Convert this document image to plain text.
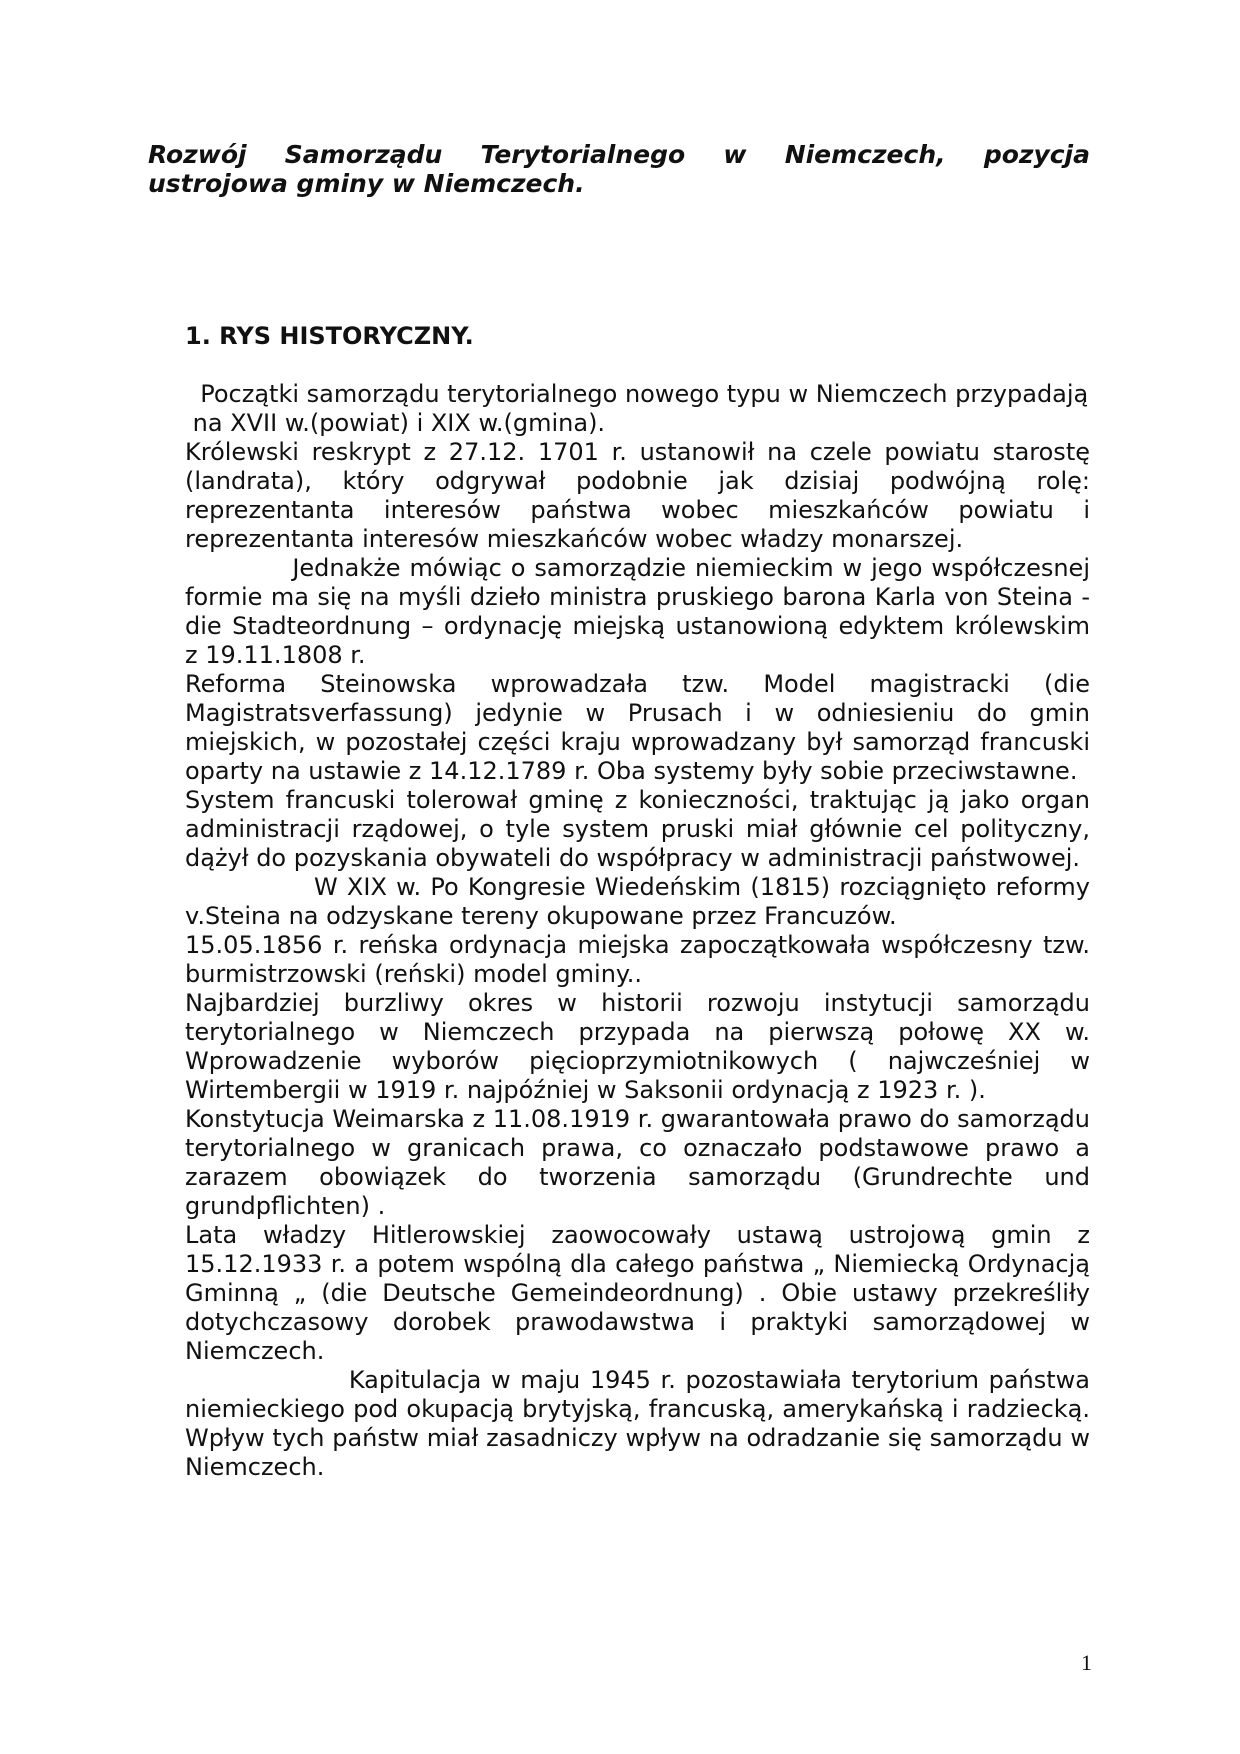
Rozwój Samorządu Terytorialnego w Niemczech, pozycja ustrojowa gminy w Niemczech.
1. RYS HISTORYCZNY.

Początki samorządu terytorialnego nowego typu w Niemczech przypadają

na XVII w.(powiat) i XIX w.(gmina).

Królewski reskrypt z 27.12. 1701 r. ustanowił na czele powiatu starostę (landrata), który odgrywał podobnie jak dzisiaj podwójną rolę: reprezentanta interesów państwa wobec mieszkańców powiatu i reprezentanta interesów mieszkańców wobec władzy monarszej.

Jednakże mówiąc o samorządzie niemieckim w jego współczesnej formie ma się na myśli dzieło ministra pruskiego barona Karla von Steina - die Stadteordnung – ordynację miejską ustanowioną edyktem królewskim z 19.11.1808 r.

Reforma Steinowska wprowadzała tzw. Model magistracki (die Magistratsverfassung) jedynie w Prusach i w odniesieniu do gmin miejskich, w pozostałej części kraju wprowadzany był samorząd francuski oparty na ustawie z 14.12.1789 r. Oba systemy były sobie przeciwstawne.

System francuski tolerował gminę z konieczności, traktując ją jako organ administracji rządowej, o tyle system pruski miał głównie cel polityczny, dążył do pozyskania obywateli do współpracy w administracji państwowej.

W XIX w. Po Kongresie Wiedeńskim (1815) rozciągnięto reformy v.Steina na odzyskane tereny okupowane przez Francuzów.

15.05.1856 r. reńska ordynacja miejska zapoczątkowała współczesny tzw. burmistrzowski (reński) model gminy..

Najbardziej burzliwy okres w historii rozwoju instytucji samorządu terytorialnego w Niemczech przypada na pierwszą połowę XX w. Wprowadzenie wyborów pięcioprzymiotnikowych ( najwcześniej w Wirtembergii w 1919 r. najpóźniej w Saksonii ordynacją z 1923 r. ).

Konstytucja Weimarska z 11.08.1919 r. gwarantowała prawo do samorządu terytorialnego w granicach prawa, co oznaczało podstawowe prawo a zarazem obowiązek do tworzenia samorządu (Grundrechte und grundpflichten) .

Lata władzy Hitlerowskiej zaowocowały ustawą ustrojową gmin z 15.12.1933 r. a potem wspólną dla całego państwa „ Niemiecką Ordynacją Gminną „ (die Deutsche Gemeindeordnung) . Obie ustawy przekreśliły dotychczasowy dorobek prawodawstwa i praktyki samorządowej w Niemczech.

Kapitulacja w maju 1945 r. pozostawiała terytorium państwa niemieckiego pod okupacją brytyjską, francuską, amerykańską i radziecką. Wpływ tych państw miał zasadniczy wpływ na odradzanie się samorządu w Niemczech.

1
